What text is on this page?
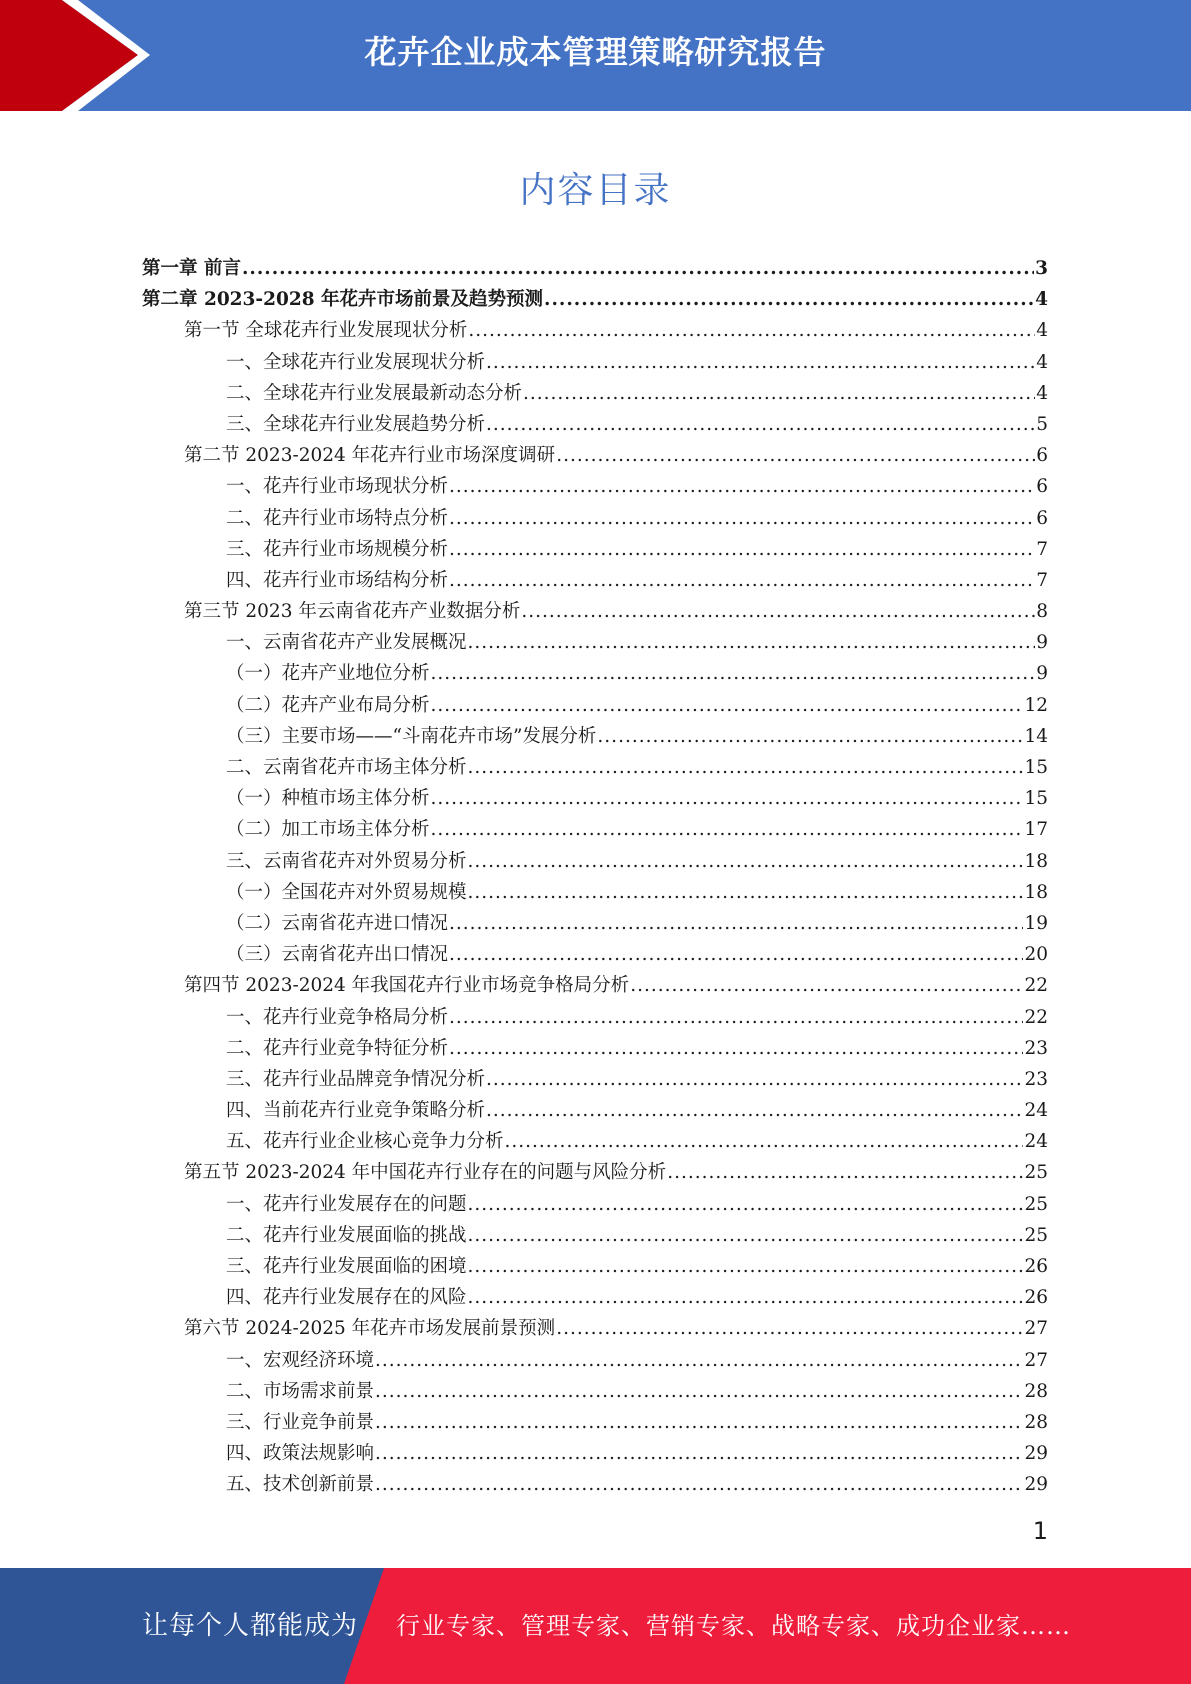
花卉企业成本管理策略研究报告
内容目录
第一章 前言 .....	3
第二章 2023-2028 年花卉市场前景及趋势预测 .....	4
第一节 全球花卉行业发展现状分析 .....	4
一、全球花卉行业发展现状分析 .....	4
二、全球花卉行业发展最新动态分析 .....	4
三、全球花卉行业发展趋势分析 .....	5
第二节 2023-2024 年花卉行业市场深度调研 .....	6
一、花卉行业市场现状分析 .....	6
二、花卉行业市场特点分析 .....	6
三、花卉行业市场规模分析 .....	7
四、花卉行业市场结构分析 .....	7
第三节 2023 年云南省花卉产业数据分析 .....	8
一、云南省花卉产业发展概况 .....	9
（一）花卉产业地位分析 .....	9
（二）花卉产业布局分析 .....	12
（三）主要市场——“斗南花卉市场”发展分析 .....	14
二、云南省花卉市场主体分析 .....	15
（一）种植市场主体分析 .....	15
（二）加工市场主体分析 .....	17
三、云南省花卉对外贸易分析 .....	18
（一）全国花卉对外贸易规模 .....	18
（二）云南省花卉进口情况 .....	19
（三）云南省花卉出口情况 .....	20
第四节 2023-2024 年我国花卉行业市场竞争格局分析 .....	22
一、花卉行业竞争格局分析 .....	22
二、花卉行业竞争特征分析 .....	23
三、花卉行业品牌竞争情况分析 .....	23
四、当前花卉行业竞争策略分析 .....	24
五、花卉行业企业核心竞争力分析 .....	24
第五节 2023-2024 年中国花卉行业存在的问题与风险分析 .....	25
一、花卉行业发展存在的问题 .....	25
二、花卉行业发展面临的挑战 .....	25
三、花卉行业发展面临的困境 .....	26
四、花卉行业发展存在的风险 .....	26
第六节 2024-2025 年花卉市场发展前景预测 .....	27
一、宏观经济环境 .....	27
二、市场需求前景 .....	28
三、行业竞争前景 .....	28
四、政策法规影响 .....	29
五、技术创新前景 .....	29
1
让每个人都能成为 行业专家、管理专家、营销专家、战略专家、成功企业家……
